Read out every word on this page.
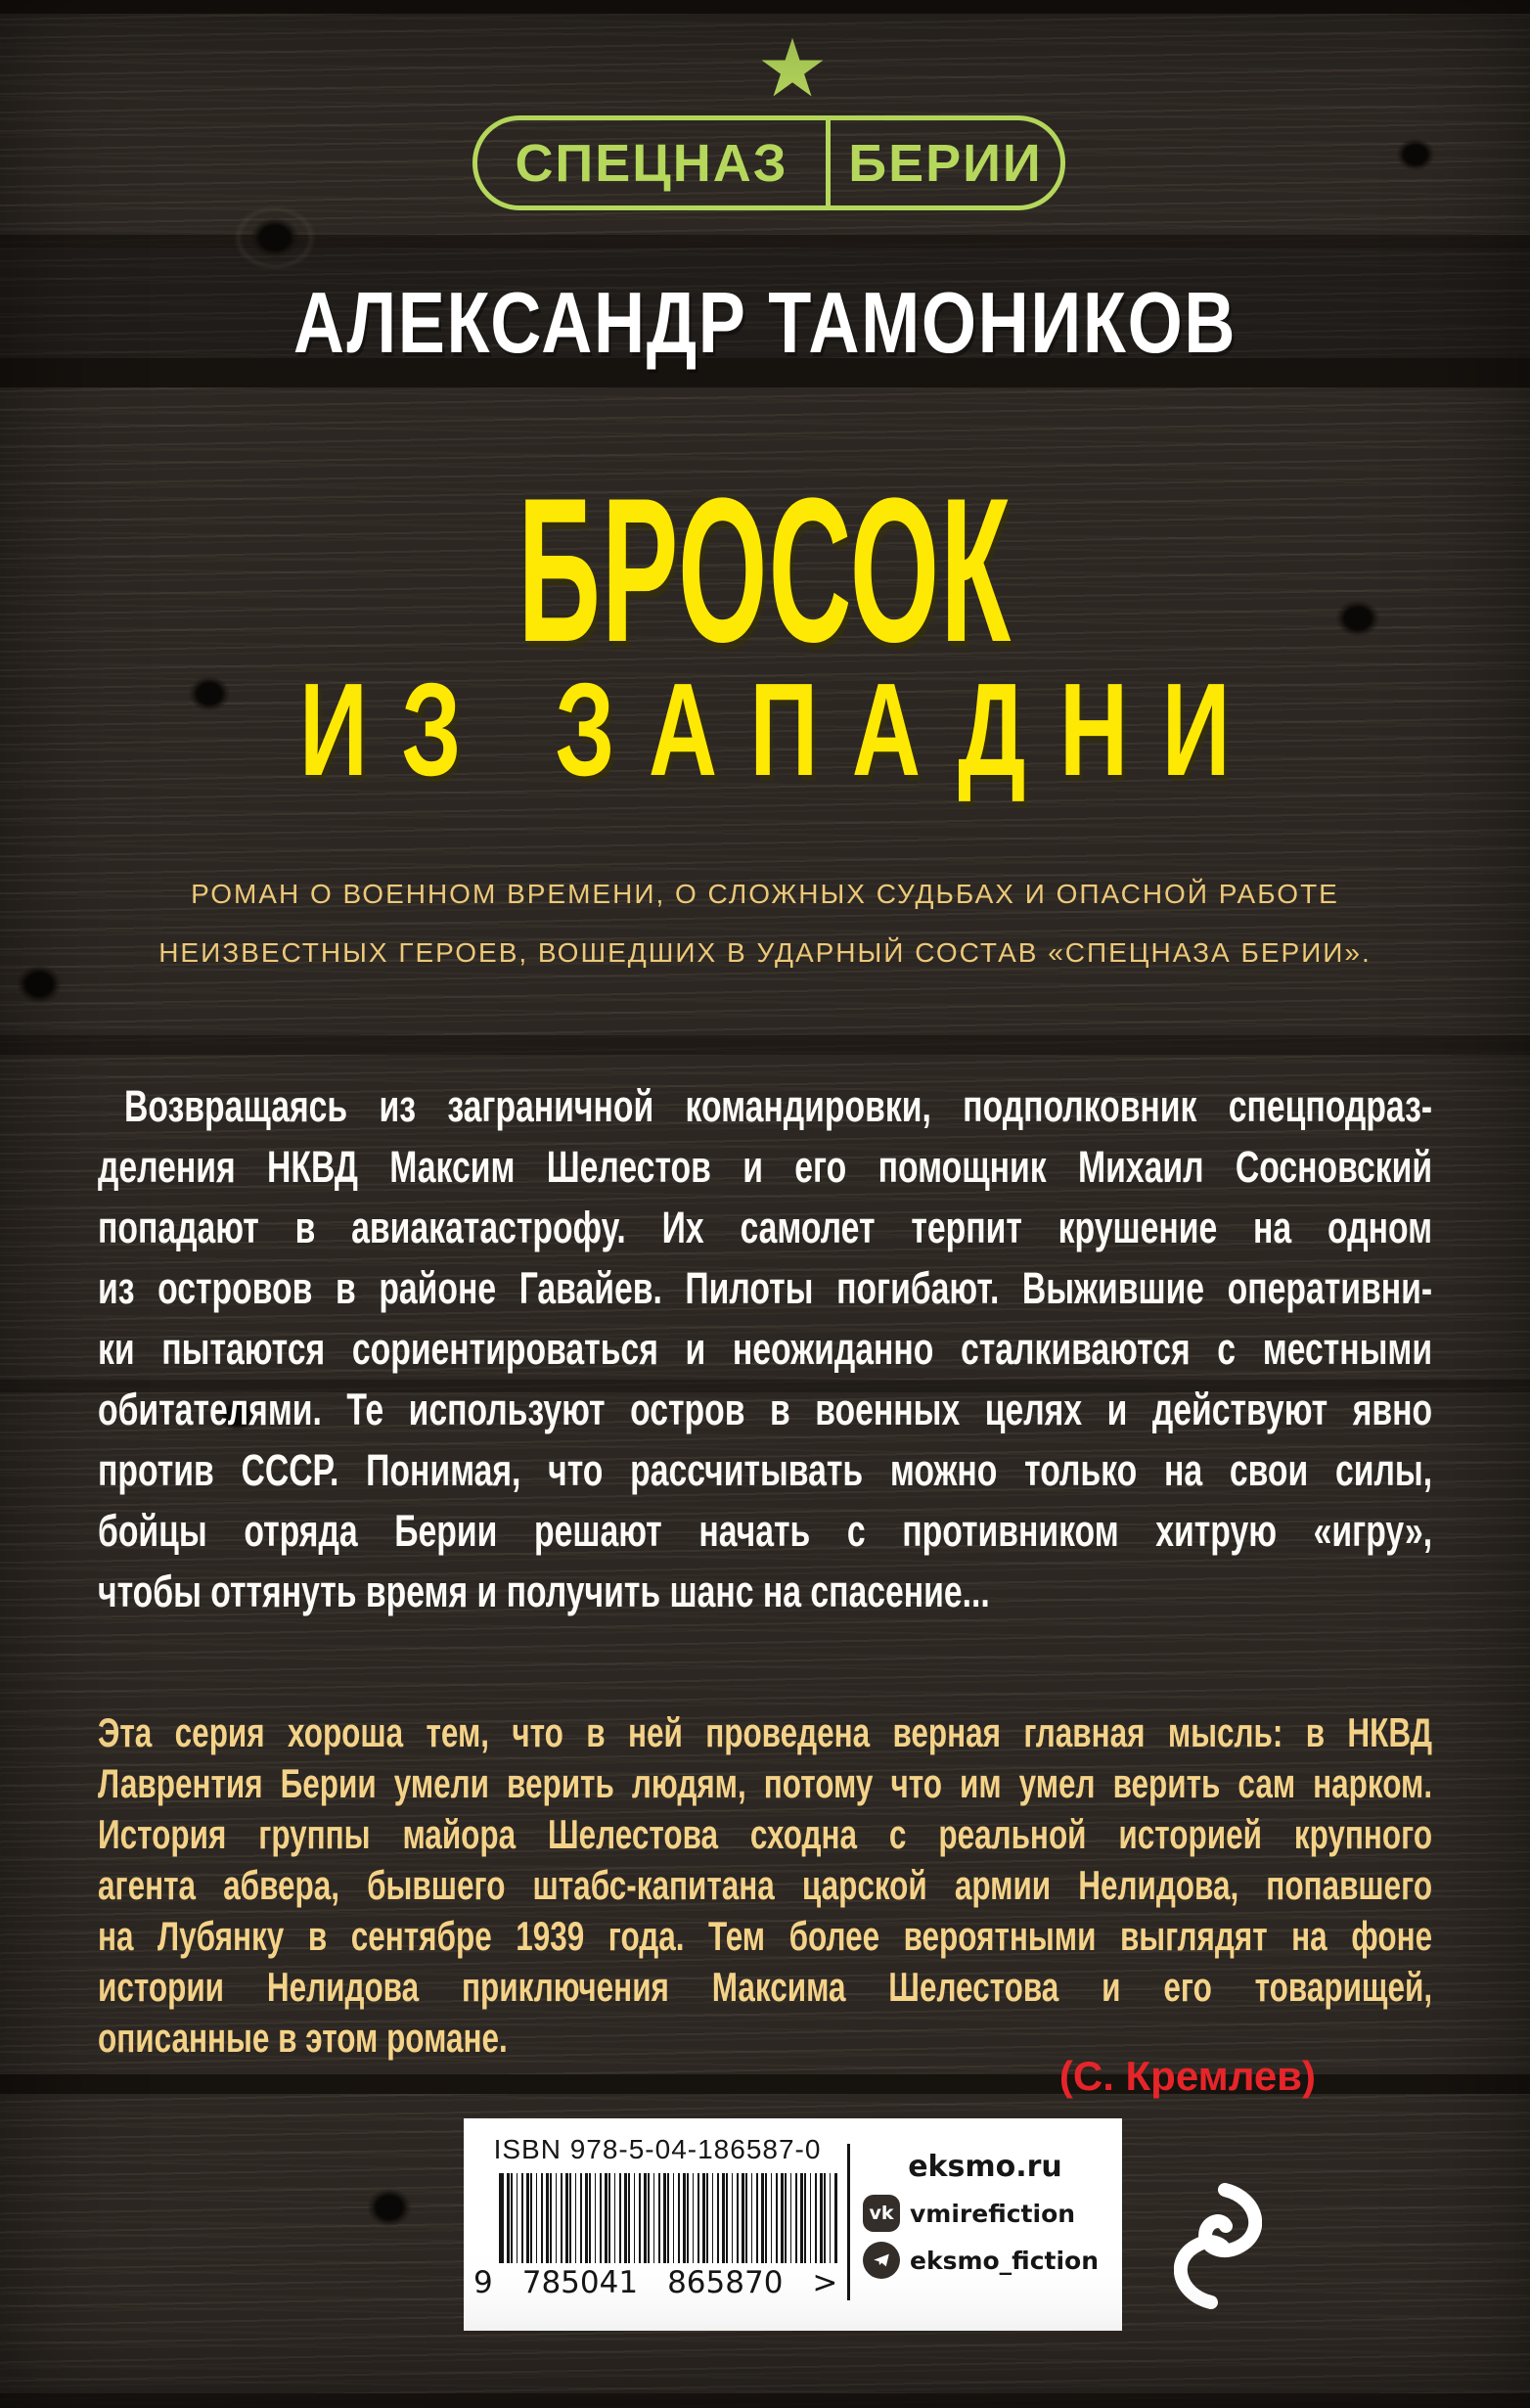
★
СПЕЦНАЗ	БЕРИИ
АЛЕКСАНДР ТАМОНИКОВ
БРОСОК
ИЗ ЗАПАДНИ
РОМАН О ВОЕННОМ ВРЕМЕНИ, О СЛОЖНЫХ СУДЬБАХ И ОПАСНОЙ РАБОТЕ
НЕИЗВЕСТНЫХ ГЕРОЕВ, ВОШЕДШИХ В УДАРНЫЙ СОСТАВ «СПЕЦНАЗА БЕРИИ».
Возвращаясь из заграничной командировки, подполковник спецподраз-
деления НКВД Максим Шелестов и его помощник Михаил Сосновский
попадают в авиакатастрофу. Их самолет терпит крушение на одном
из островов в районе Гавайев. Пилоты погибают. Выжившие оперативни-
ки пытаются сориентироваться и неожиданно сталкиваются с местными
обитателями. Те используют остров в военных целях и действуют явно
против СССР. Понимая, что рассчитывать можно только на свои силы,
бойцы отряда Берии решают начать с противником хитрую «игру»,
чтобы оттянуть время и получить шанс на спасение...
Эта серия хороша тем, что в ней проведена верная главная мысль: в НКВД
Лаврентия Берии умели верить людям, потому что им умел верить сам нарком.
История группы майора Шелестова сходна с реальной историей крупного
агента абвера, бывшего штабс-капитана царской армии Нелидова, попавшего
на Лубянку в сентябре 1939 года. Тем более вероятными выглядят на фоне
истории Нелидова приключения Максима Шелестова и его товарищей,
описанные в этом романе.
(С. Кремлев)
ISBN 978-5-04-186587-0
9 785041 865870 >
eksmo.ru
vk vmirefiction
eksmo_fiction
